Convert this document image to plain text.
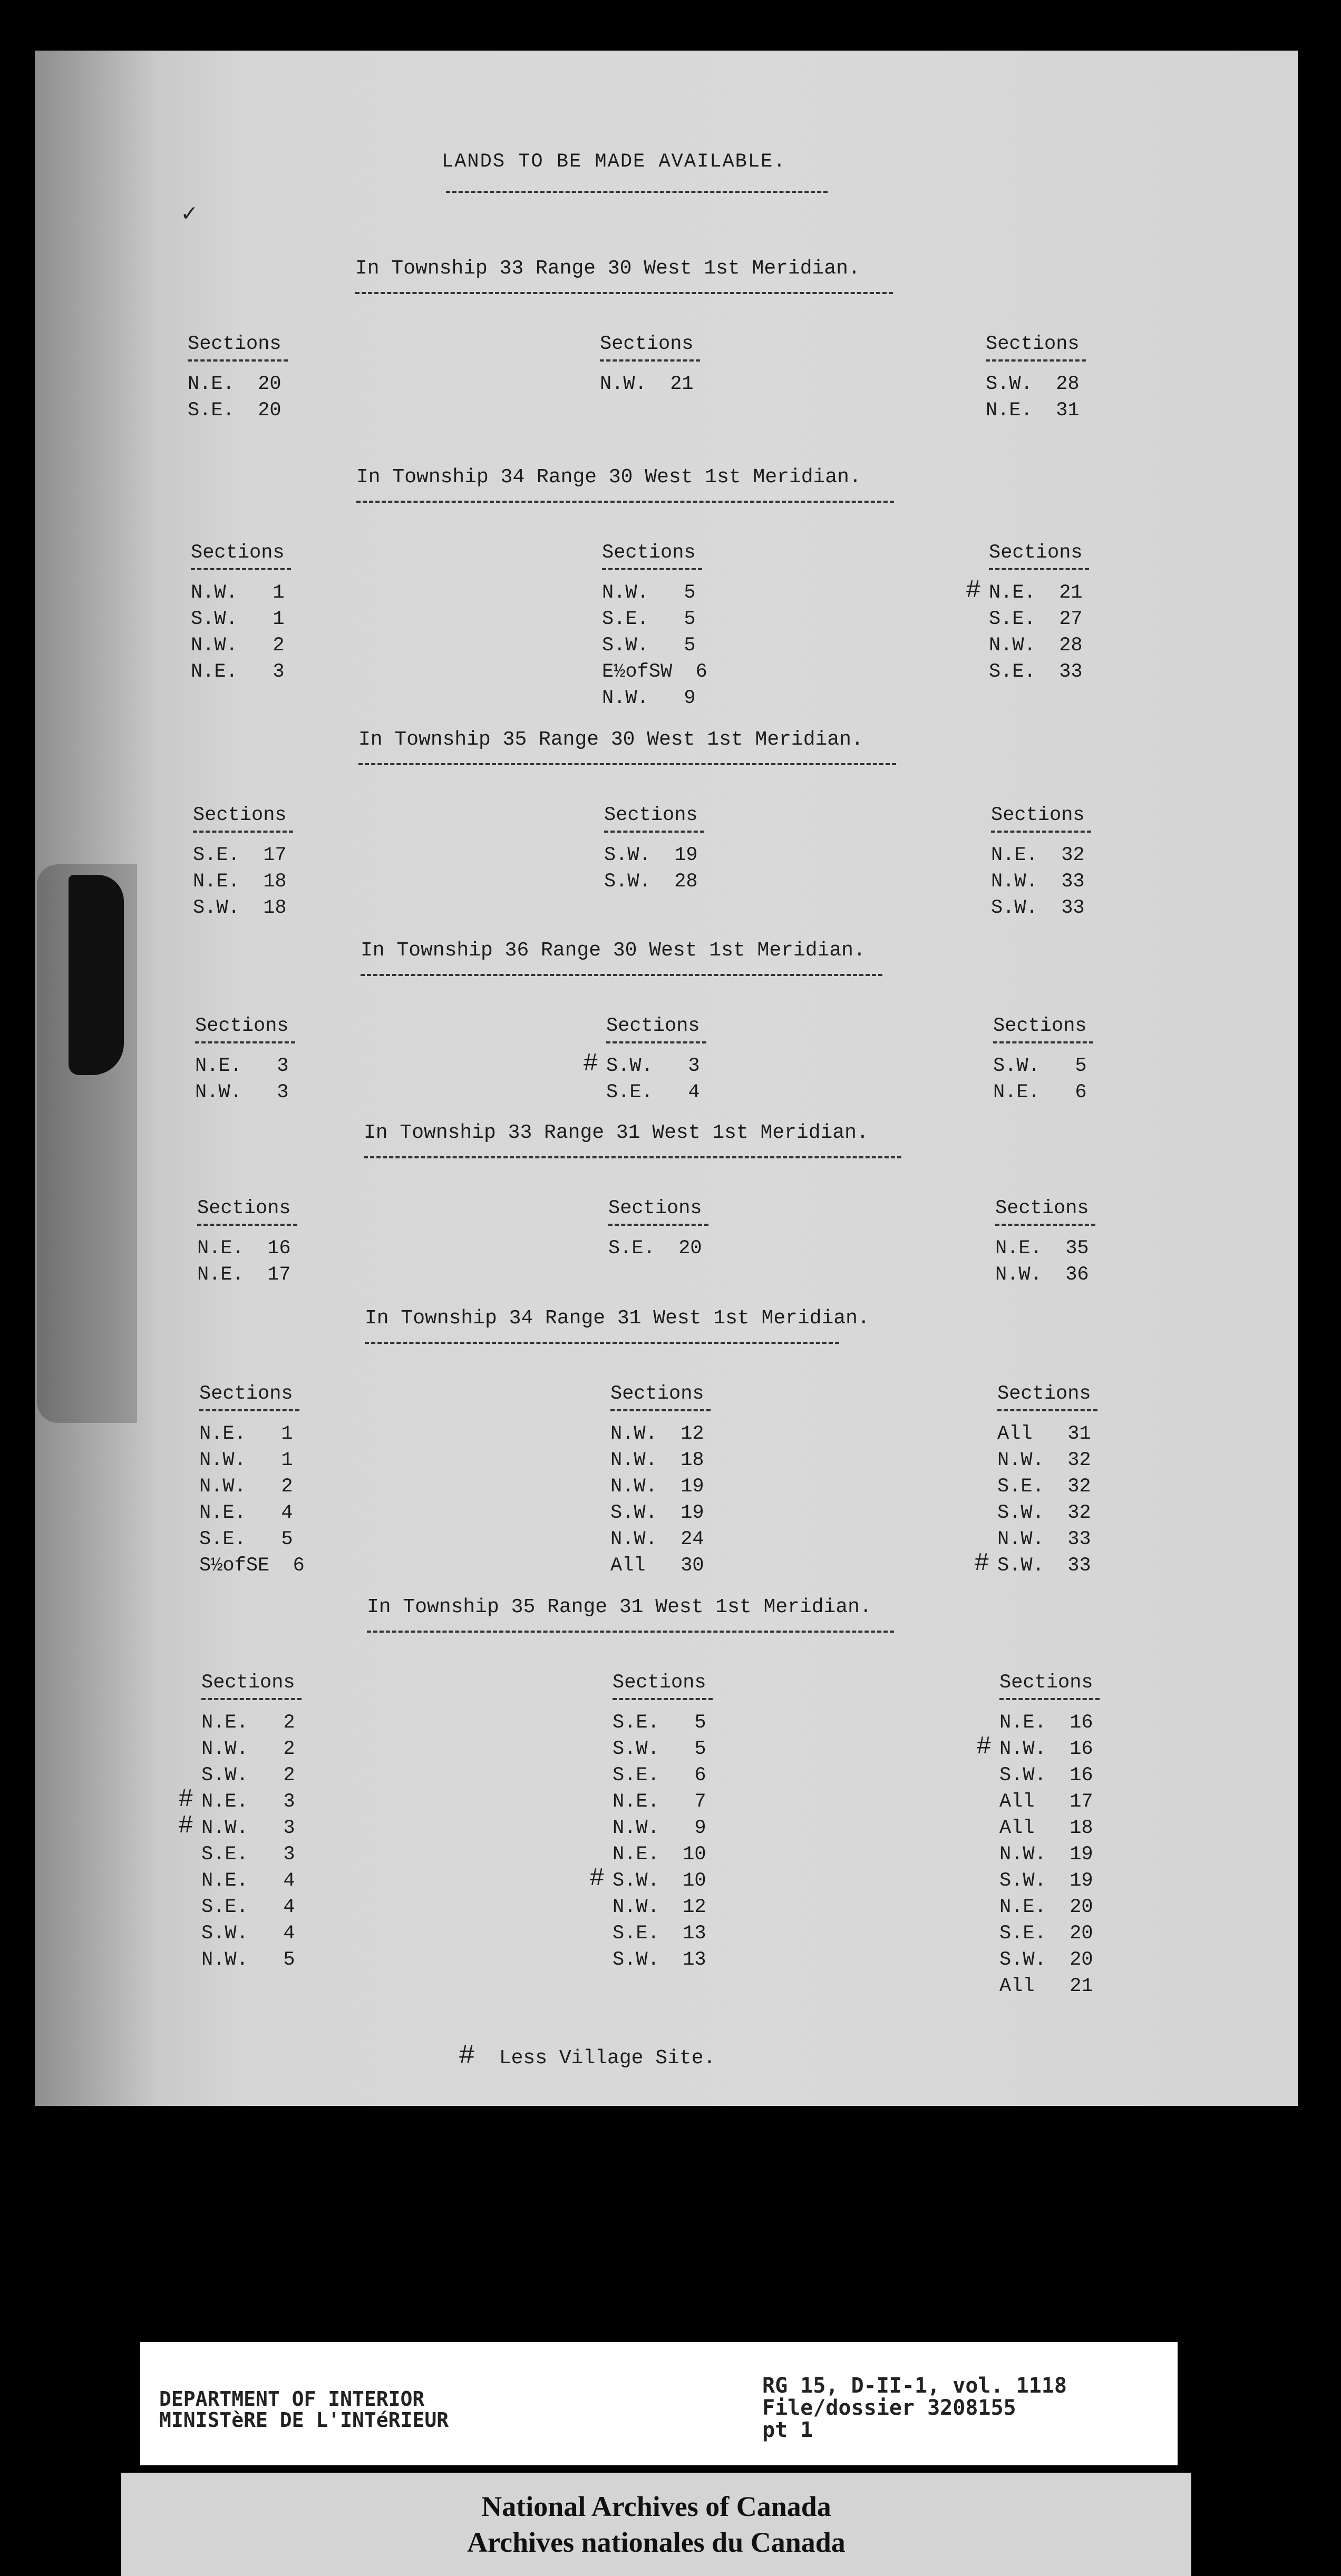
LANDS TO BE MADE AVAILABLE.
✓
In Township 33 Range 30 West 1st Meridian.
Sections
N.E.  20
S.E.  20
Sections
N.W.  21
Sections
S.W.  28
N.E.  31
In Township 34 Range 30 West 1st Meridian.
Sections
N.W.   1
S.W.   1
N.W.   2
N.E.   3
Sections
N.W.   5
S.E.   5
S.W.   5
E½ofSW  6
N.W.   9
Sections
# N.E.  21
S.E.  27
N.W.  28
S.E.  33
In Township 35 Range 30 West 1st Meridian.
Sections
S.E.  17
N.E.  18
S.W.  18
Sections
S.W.  19
S.W.  28
Sections
N.E.  32
N.W.  33
S.W.  33
In Township 36 Range 30 West 1st Meridian.
Sections
N.E.   3
N.W.   3
Sections
# S.W.   3
S.E.   4
Sections
S.W.   5
N.E.   6
In Township 33 Range 31 West 1st Meridian.
Sections
N.E.  16
N.E.  17
Sections
S.E.  20
Sections
N.E.  35
N.W.  36
In Township 34 Range 31 West 1st Meridian.
Sections
N.E.   1
N.W.   1
N.W.   2
N.E.   4
S.E.   5
S½ofSE  6
Sections
N.W.  12
N.W.  18
N.W.  19
S.W.  19
N.W.  24
All   30
Sections
All   31
N.W.  32
S.E.  32
S.W.  32
N.W.  33
# S.W.  33
In Township 35 Range 31 West 1st Meridian.
Sections
N.E.   2
N.W.   2
S.W.   2
# N.E.   3
# N.W.   3
S.E.   3
N.E.   4
S.E.   4
S.W.   4
N.W.   5
Sections
S.E.   5
S.W.   5
S.E.   6
N.E.   7
N.W.   9
N.E.  10
# S.W.  10
N.W.  12
S.E.  13
S.W.  13
Sections
N.E.  16
# N.W.  16
S.W.  16
All   17
All   18
N.W.  19
S.W.  19
N.E.  20
S.E.  20
S.W.  20
All   21
# Less Village Site.
DEPARTMENT OF INTERIOR
MINISTèRE DE L'INTéRIEUR
RG 15, D-II-1, vol. 1118
File/dossier 3208155
pt 1
National Archives of Canada
Archives nationales du Canada
